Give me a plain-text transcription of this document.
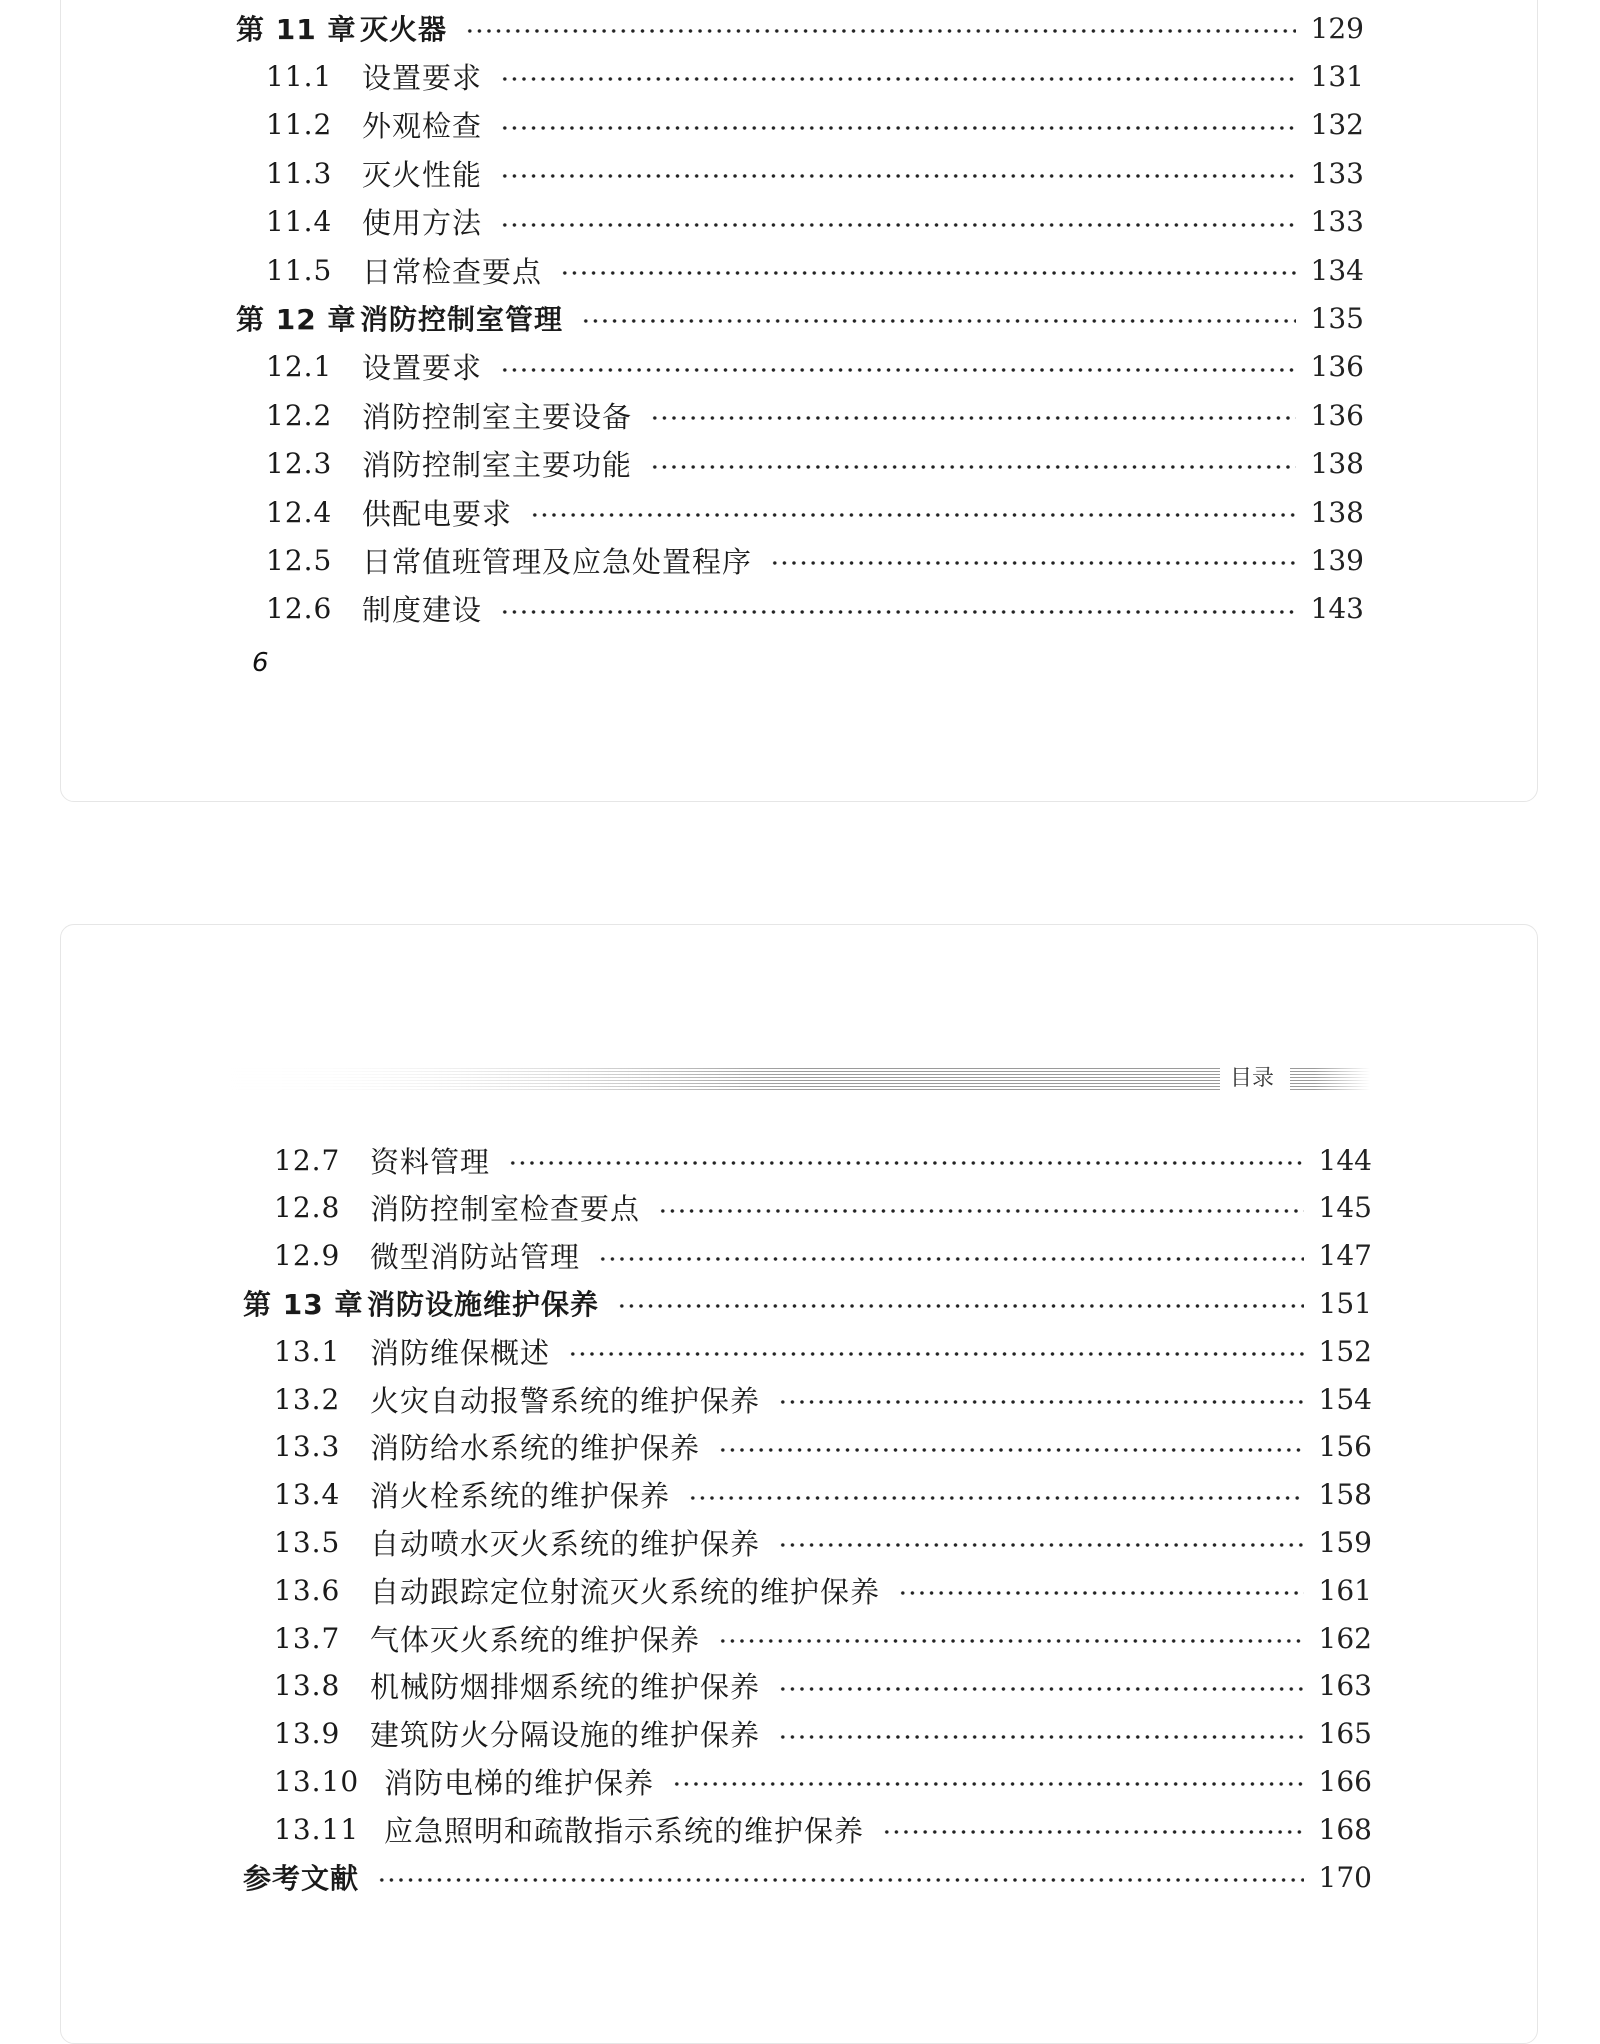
第 11 章 灭火器	129
11.1	设置要求	131
11.2	外观检查	132
11.3	灭火性能	133
11.4	使用方法	133
11.5	日常检查要点	134
第 12 章 消防控制室管理	135
12.1	设置要求	136
12.2	消防控制室主要设备	136
12.3	消防控制室主要功能	138
12.4	供配电要求	138
12.5	日常值班管理及应急处置程序	139
12.6	制度建设	143
6
目录
12.7	资料管理	144
12.8	消防控制室检查要点	145
12.9	微型消防站管理	147
第 13 章 消防设施维护保养	151
13.1	消防维保概述	152
13.2	火灾自动报警系统的维护保养	154
13.3	消防给水系统的维护保养	156
13.4	消火栓系统的维护保养	158
13.5	自动喷水灭火系统的维护保养	159
13.6	自动跟踪定位射流灭火系统的维护保养	161
13.7	气体灭火系统的维护保养	162
13.8	机械防烟排烟系统的维护保养	163
13.9	建筑防火分隔设施的维护保养	165
13.10 消防电梯的维护保养	166
13.11 应急照明和疏散指示系统的维护保养	168
参考文献	170
